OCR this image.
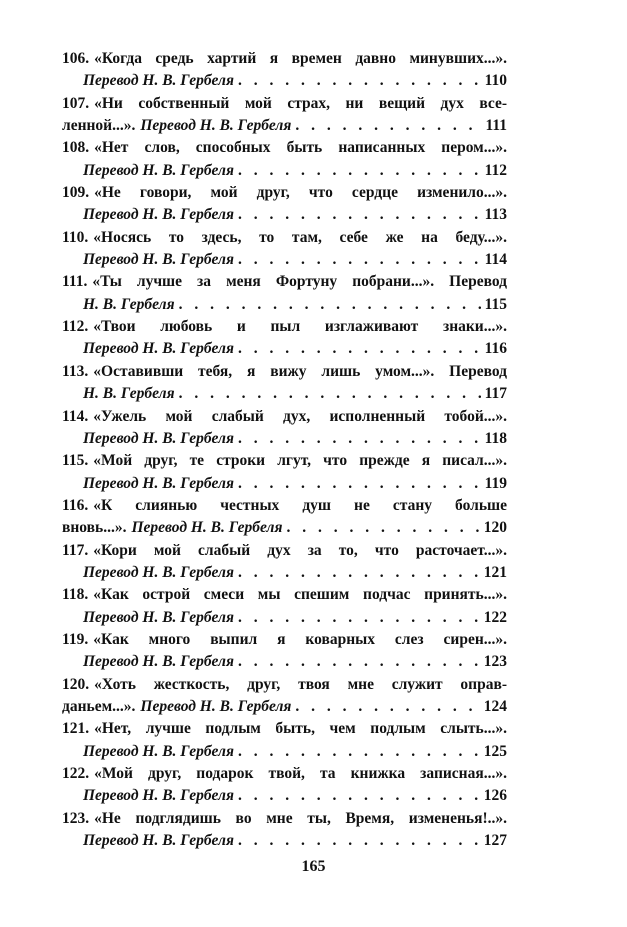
106. «Когда средь хартий я времен давно минувших...».
Перевод Н. В. Гербеля . . .	110
107. «Ни собственный мой страх, ни вещий дух все-
ленной...». Перевод Н. В. Гербеля . . .	111
108. «Нет слов, способных быть написанных пером...».
Перевод Н. В. Гербеля . . .	112
109. «Не говори, мой друг, что сердце изменило...».
Перевод Н. В. Гербеля . . .	113
110. «Носясь то здесь, то там, себе же на беду...».
Перевод Н. В. Гербеля . . .	114
111. «Ты лучше за меня Фортуну побрани...». Перевод
Н. В. Гербеля . . .	115
112. «Твои любовь и пыл изглаживают знаки...».
Перевод Н. В. Гербеля . . .	116
113. «Оставивши тебя, я вижу лишь умом...». Перевод
Н. В. Гербеля . . .	117
114. «Ужель мой слабый дух, исполненный тобой...».
Перевод Н. В. Гербеля . . .	118
115. «Мой друг, те строки лгут, что прежде я писал...».
Перевод Н. В. Гербеля . . .	119
116. «К слиянью честных душ не стану больше
вновь...». Перевод Н. В. Гербеля . . .	120
117. «Кори мой слабый дух за то, что расточает...».
Перевод Н. В. Гербеля . . .	121
118. «Как острой смеси мы спешим подчас принять...».
Перевод Н. В. Гербеля . . .	122
119. «Как много выпил я коварных слез сирен...».
Перевод Н. В. Гербеля . . .	123
120. «Хоть жесткость, друг, твоя мне служит оправ-
даньем...». Перевод Н. В. Гербеля . . .	124
121. «Нет, лучше подлым быть, чем подлым слыть...».
Перевод Н. В. Гербеля . . .	125
122. «Мой друг, подарок твой, та книжка записная...».
Перевод Н. В. Гербеля . . .	126
123. «Не подглядишь во мне ты, Время, измененья!..».
Перевод Н. В. Гербеля . . .	127
165
